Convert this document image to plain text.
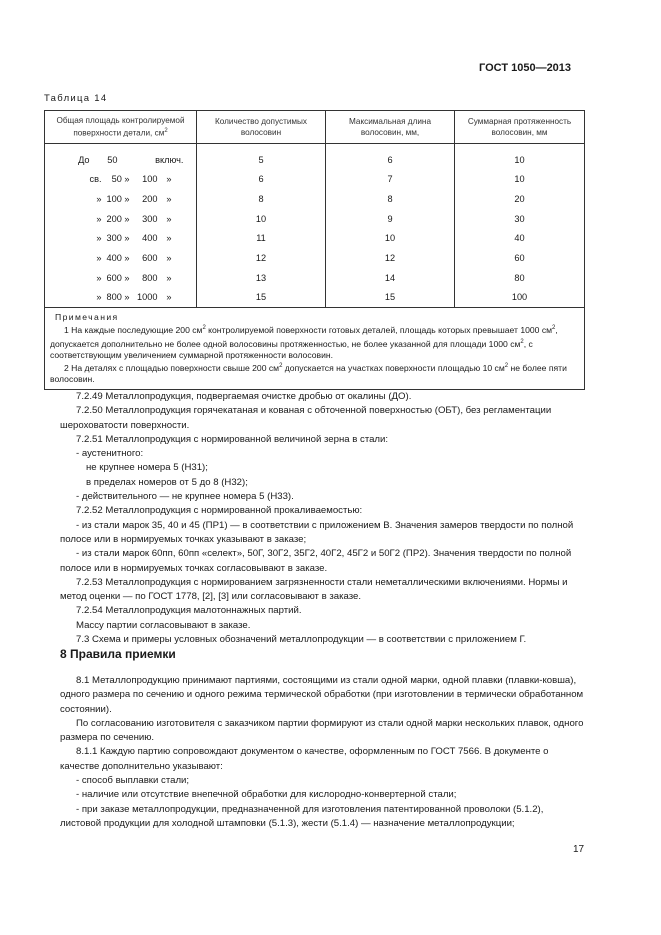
ГОСТ 1050—2013
Таблица 14
Общая площадь контролируемой поверхности детали, $см^2$	Количество допустимых волосовин	Максимальная длина волосовин, мм,	Суммарная протяженность волосовин, мм
До 50 включ.	5	6	10
св. 50 » 100 »	6	7	10
» 100 » 200 »	8	8	20
» 200 » 300 »	10	9	30
» 300 » 400 »	11	10	40
» 400 » 600 »	12	12	60
» 600 » 800 »	13	14	80
» 800 » 1000 »	15	15	100

Примечания
1 На каждые последующие 200 $см^2$ контролируемой поверхности готовых деталей, площадь которых превышает 1000 $см^2$, допускается дополнительно не более одной волосовины протяженностью, не более указанной для площади 1000 $см^2$, с соответствующим увеличением суммарной протяженности волосовин.
2 На деталях с площадью поверхности свыше 200 $см^2$ допускается на участках поверхности площадью 10 $см^2$ не более пяти волосовин.			

7.2.49 Металлопродукция, подвергаемая очистке дробью от окалины (ДО).

7.2.50 Металлопродукция горячекатаная и кованая с обточенной поверхностью (ОБТ), без регламентации шероховатости поверхности.

7.2.51 Металлопродукция с нормированной величиной зерна в стали:

- аустенитного:

не крупнее номера 5 (Н31);

в пределах номеров от 5 до 8 (Н32);

- действительного — не крупнее номера 5 (Н33).

7.2.52 Металлопродукция с нормированной прокаливаемостью:

- из стали марок 35, 40 и 45 (ПР1) — в соответствии с приложением В. Значения замеров твердости по полной полосе или в нормируемых точках указывают в заказе;

- из стали марок 60пп, 60пп «селект», 50Г, 30Г2, 35Г2, 40Г2, 45Г2 и 50Г2 (ПР2). Значения твердости по полной полосе или в нормируемых точках согласовывают в заказе.

7.2.53 Металлопродукция с нормированием загрязненности стали неметаллическими включениями. Нормы и метод оценки — по ГОСТ 1778, [2], [3] или согласовывают в заказе.

7.2.54 Металлопродукция малотоннажных партий.

Массу партии согласовывают в заказе.

7.3 Схема и примеры условных обозначений металлопродукции — в соответствии с приложением Г.

8 Правила приемки

8.1 Металлопродукцию принимают партиями, состоящими из стали одной марки, одной плавки (плавки-ковша), одного размера по сечению и одного режима термической обработки (при изготовлении в термически обработанном состоянии).

По согласованию изготовителя с заказчиком партии формируют из стали одной марки нескольких плавок, одного размера по сечению.

8.1.1 Каждую партию сопровождают документом о качестве, оформленным по ГОСТ 7566. В документе о качестве дополнительно указывают:

- способ выплавки стали;

- наличие или отсутствие внепечной обработки для кислородно-конвертерной стали;

- при заказе металлопродукции, предназначенной для изготовления патентированной проволоки (5.1.2), листовой продукции для холодной штамповки (5.1.3), жести (5.1.4) — назначение металлопродукции;

17
